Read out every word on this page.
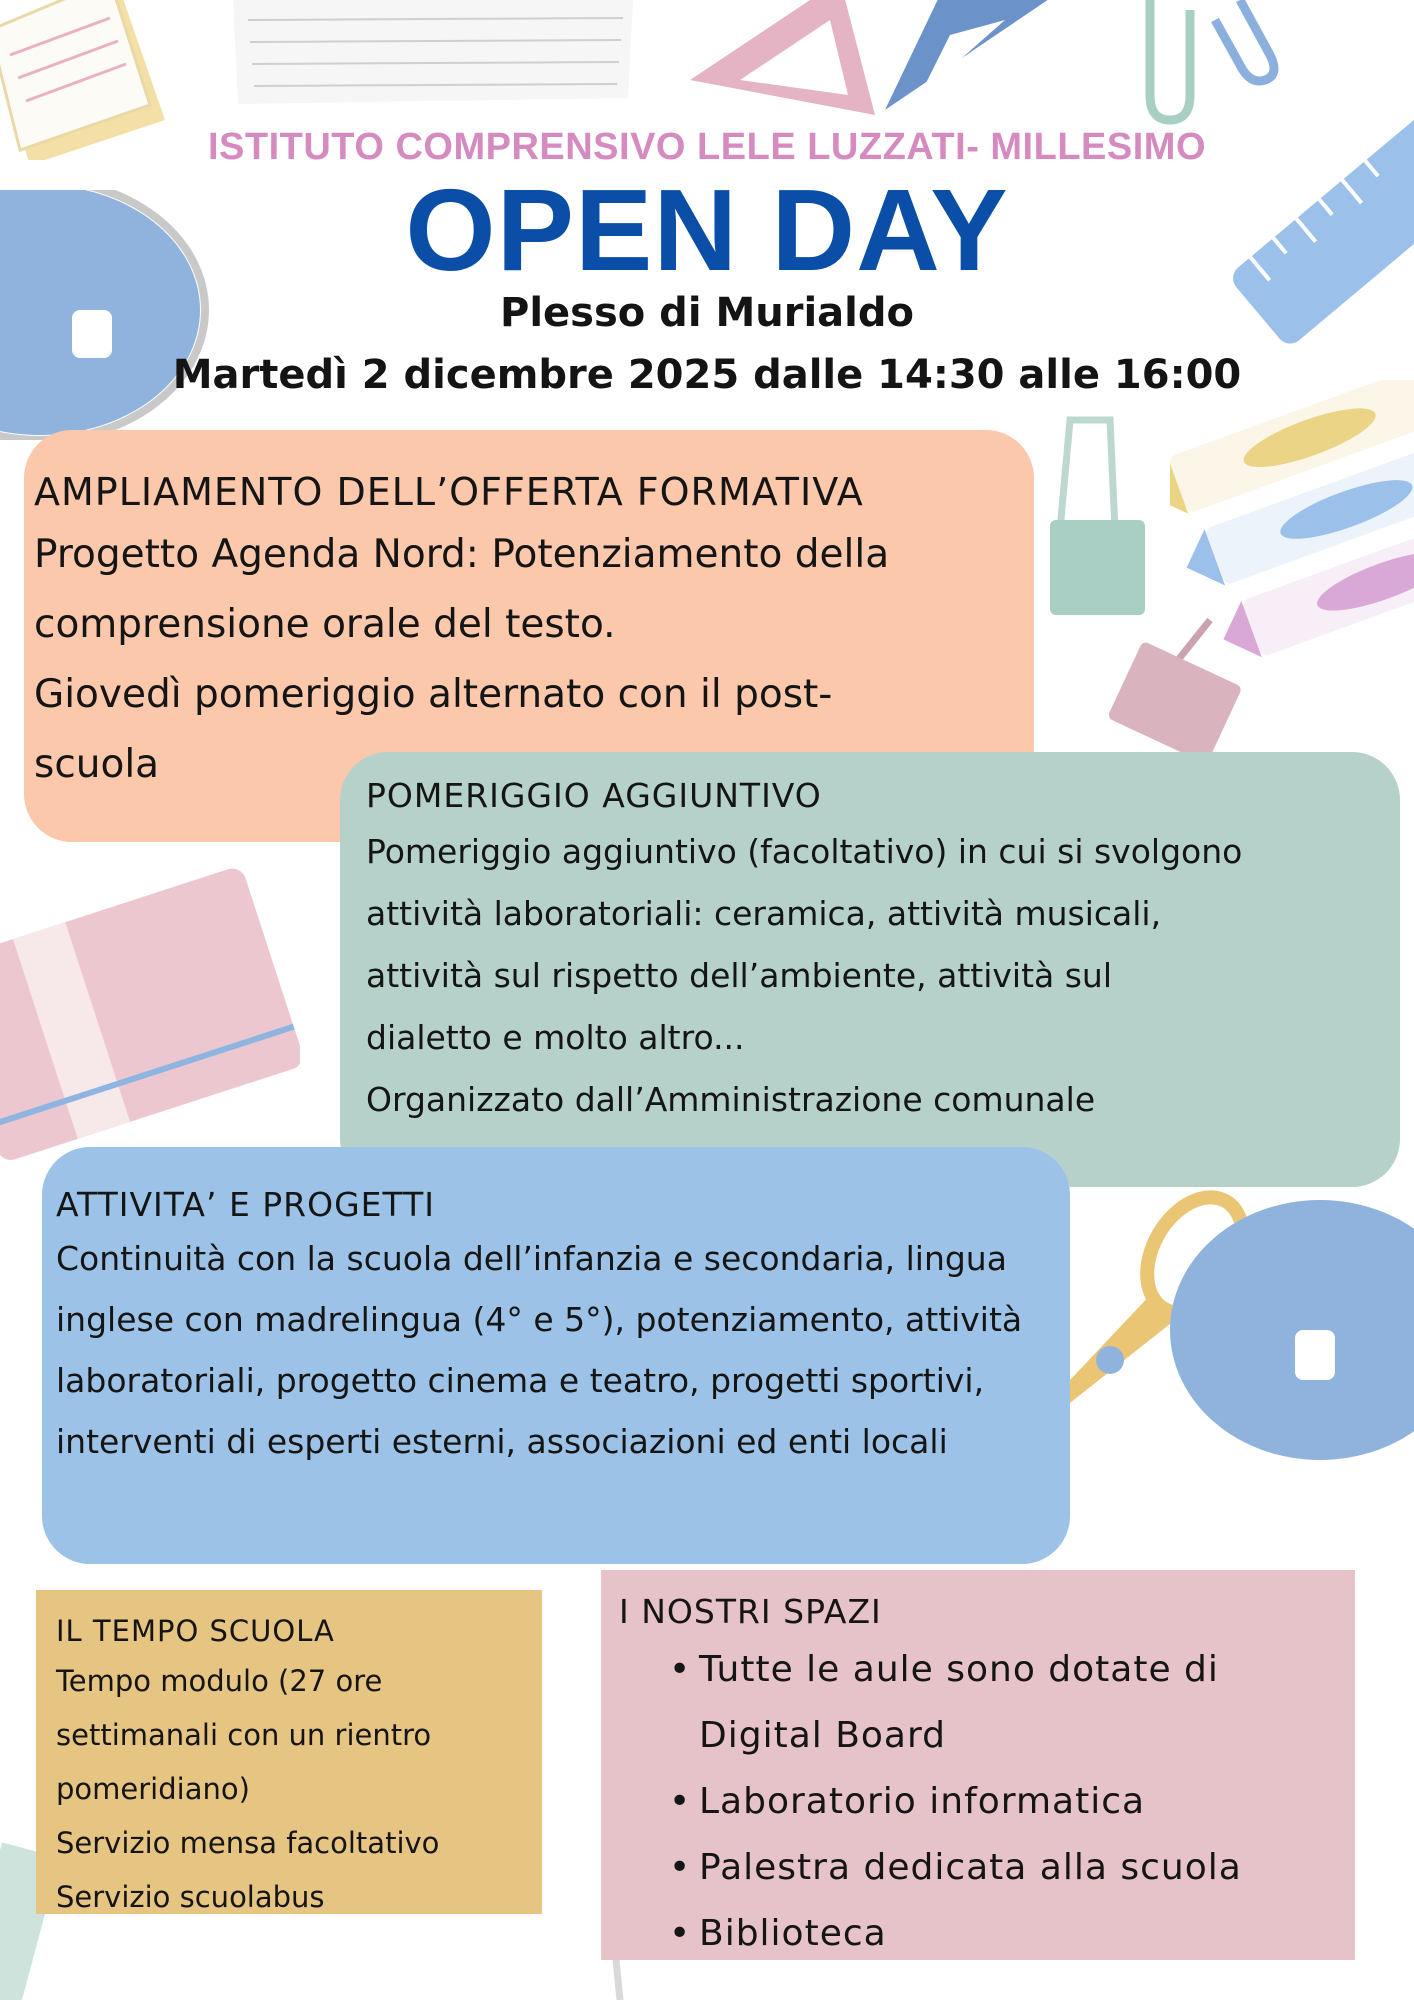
ISTITUTO COMPRENSIVO LELE LUZZATI- MILLESIMO
OPEN DAY
Plesso di Murialdo
Martedì 2 dicembre 2025 dalle 14:30 alle 16:00
AMPLIAMENTO DELL’OFFERTA FORMATIVA
Progetto Agenda Nord: Potenziamento della
comprensione orale del testo.
Giovedì pomeriggio alternato con il post-
scuola
POMERIGGIO AGGIUNTIVO
Pomeriggio aggiuntivo (facoltativo) in cui si svolgono
attività laboratoriali: ceramica, attività musicali,
attività sul rispetto dell’ambiente, attività sul
dialetto e molto altro...
Organizzato dall’Amministrazione comunale
ATTIVITA’ E PROGETTI

Continuità con la scuola dell’infanzia e secondaria, lingua inglese con madrelingua (4° e 5°), potenziamento, attività laboratoriali, progetto cinema e teatro, progetti sportivi, interventi di esperti esterni, associazioni ed enti locali

IL TEMPO SCUOLA
Tempo modulo (27 ore
settimanali con un rientro
pomeridiano)
Servizio mensa facoltativo
Servizio scuolabus
I NOSTRI SPAZI
• Tutte le aule sono dotate di Digital Board
• Laboratorio informatica
• Palestra dedicata alla scuola
• Biblioteca
